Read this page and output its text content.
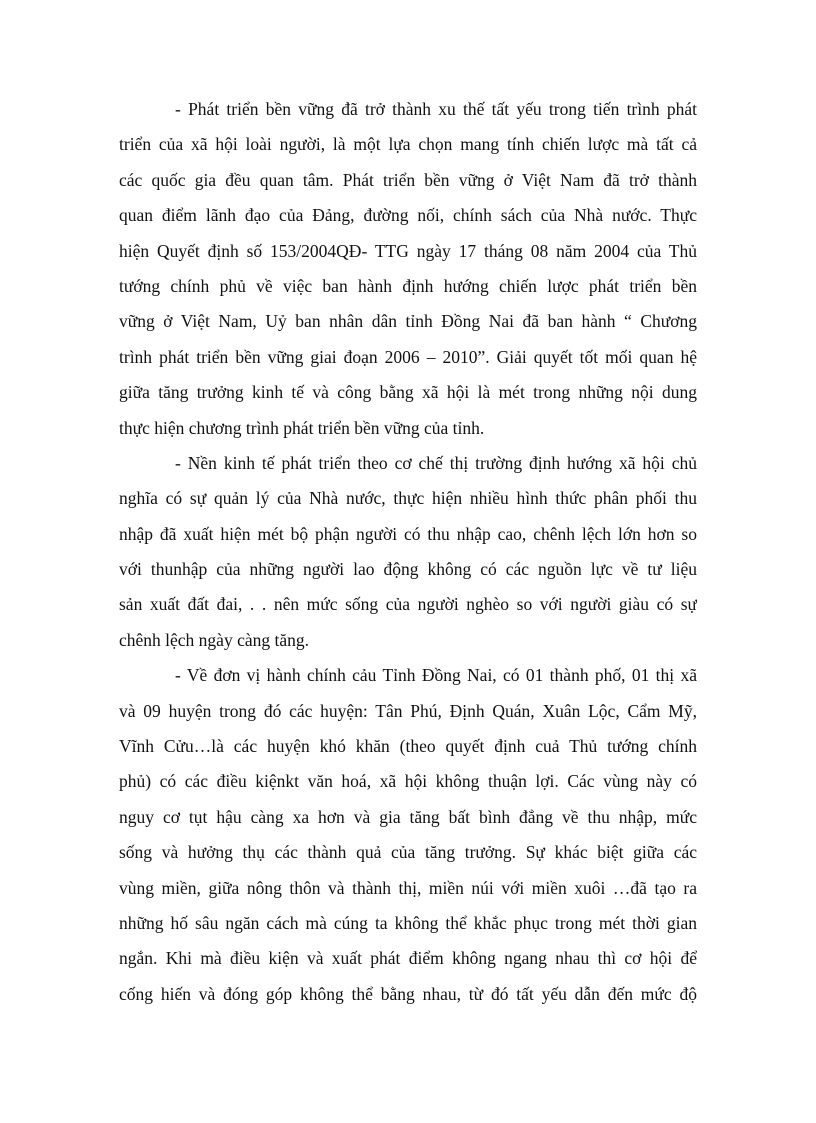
- Phát triển bền vững đã trở thành xu thế tất yếu trong tiến trình phát
triển của xã hội loài người, là một lựa chọn mang tính chiến lược mà tất cả
các quốc gia đều quan tâm. Phát triển bền vững ở Việt Nam đã trở thành
quan điểm lãnh đạo của Đảng, đường nối, chính sách của Nhà nước. Thực
hiện Quyết định số 153/2004QĐ- TTG ngày 17 tháng 08 năm 2004 của Thủ
tướng chính phủ về việc ban hành định hướng chiến lược phát triển bền
vững ở Việt Nam, Uỷ ban nhân dân tỉnh Đồng Nai đã ban hành “ Chương
trình phát triển bền vững giai đoạn 2006 – 2010”. Giải quyết tốt mối quan hệ
giữa tăng trưởng kinh tế và công bằng xã hội là mét trong những nội dung
thực hiện chương trình phát triển bền vững của tỉnh.
- Nền kinh tế phát triển theo cơ chế thị trường định hướng xã hội chủ
nghĩa có sự quản lý của Nhà nước, thực hiện nhiều hình thức phân phối thu
nhập đã xuất hiện mét bộ phận người có thu nhập cao, chênh lệch lớn hơn so
với thunhập của những người lao động không có các nguồn lực về tư liệu
sản xuất đất đai, . . nên mức sống của người nghèo so với người giàu có sự
chênh lệch ngày càng tăng.
- Về đơn vị hành chính cảu Tỉnh Đồng Nai, có 01 thành phố, 01 thị xã
và 09 huyện trong đó các huyện: Tân Phú, Định Quán, Xuân Lộc, Cẩm Mỹ,
Vĩnh Cửu…là các huyện khó khăn (theo quyết định cuả Thủ tướng chính
phủ) có các điều kiệnkt văn hoá, xã hội không thuận lợi. Các vùng này có
nguy cơ tụt hậu càng xa hơn và gia tăng bất bình đẳng về thu nhập, mức
sống và hưởng thụ các thành quả của tăng trưởng. Sự khác biệt giữa các
vùng miền, giữa nông thôn và thành thị, miền núi với miền xuôi …đã tạo ra
những hố sâu ngăn cách mà cúng ta không thể khắc phục trong mét thời gian
ngắn. Khi mà điều kiện và xuất phát điểm không ngang nhau thì cơ hội để
cống hiến và đóng góp không thể bằng nhau, từ đó tất yếu dẫn đến mức độ
